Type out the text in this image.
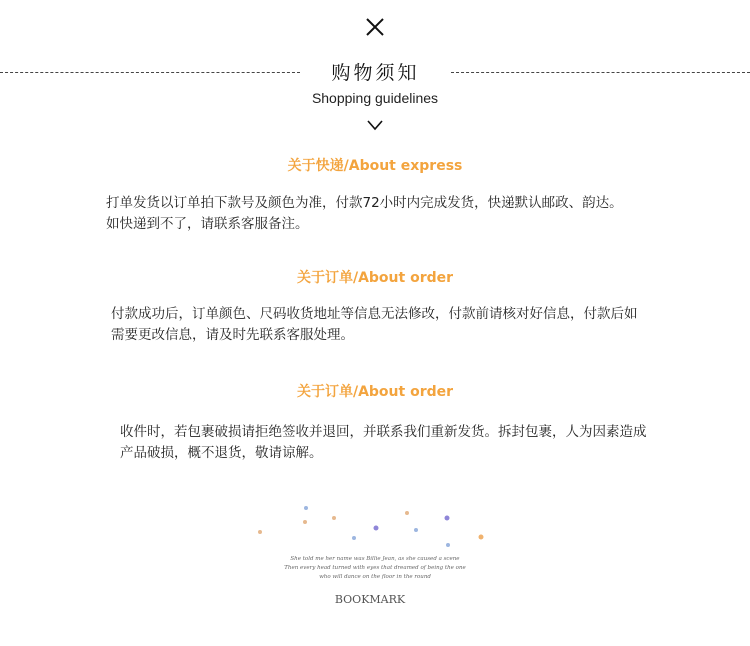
购物须知
Shopping guidelines
关于快递/About express
打单发货以订单拍下款号及颜色为准，付款72小时内完成发货，快递默认邮政、韵达。
如快递到不了，请联系客服备注。
关于订单/About order
付款成功后，订单颜色、尺码收货地址等信息无法修改，付款前请核对好信息，付款后如
需要更改信息，请及时先联系客服处理。
关于订单/About order
收件时，若包裹破损请拒绝签收并退回，并联系我们重新发货。拆封包裹，人为因素造成
产品破损，概不退货，敬请谅解。
She told me her name was Billie Jean, as she caused a scene
Then every head turned with eyes that dreamed of being the one
who will dance on the floor in the round
BOOKMARK
